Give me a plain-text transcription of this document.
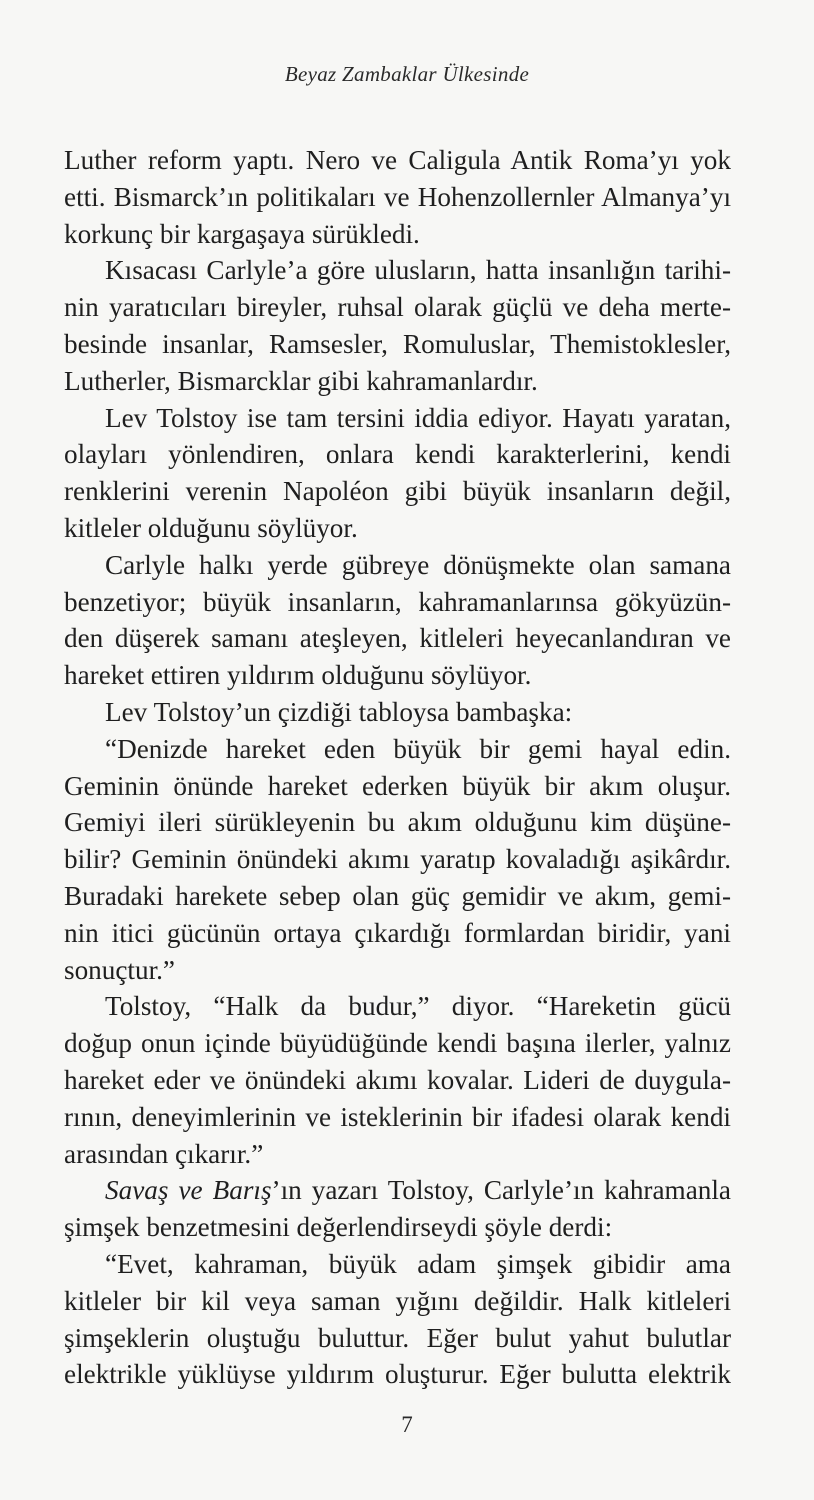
Beyaz Zambaklar Ülkesinde
Luther reform yaptı. Nero ve Caligula Antik Roma’yı yok
etti. Bismarck’ın politikaları ve Hohenzollernler Almanya’yı
korkunç bir kargaşaya sürükledi.
Kısacası Carlyle’a göre ulusların, hatta insanlığın tarihi-
nin yaratıcıları bireyler, ruhsal olarak güçlü ve deha merte-
besinde insanlar, Ramsesler, Romuluslar, Themistoklesler,
Lutherler, Bismarcklar gibi kahramanlardır.
Lev Tolstoy ise tam tersini iddia ediyor. Hayatı yaratan,
olayları yönlendiren, onlara kendi karakterlerini, kendi
renklerini verenin Napoléon gibi büyük insanların değil,
kitleler olduğunu söylüyor.
Carlyle halkı yerde gübreye dönüşmekte olan samana
benzetiyor; büyük insanların, kahramanlarınsa gökyüzün-
den düşerek samanı ateşleyen, kitleleri heyecanlandıran ve
hareket ettiren yıldırım olduğunu söylüyor.
Lev Tolstoy’un çizdiği tabloysa bambaşka:
“Denizde hareket eden büyük bir gemi hayal edin.
Geminin önünde hareket ederken büyük bir akım oluşur.
Gemiyi ileri sürükleyenin bu akım olduğunu kim düşüne-
bilir? Geminin önündeki akımı yaratıp kovaladığı aşikârdır.
Buradaki harekete sebep olan güç gemidir ve akım, gemi-
nin itici gücünün ortaya çıkardığı formlardan biridir, yani
sonuçtur.”
Tolstoy, “Halk da budur,” diyor. “Hareketin gücü
doğup onun içinde büyüdüğünde kendi başına ilerler, yalnız
hareket eder ve önündeki akımı kovalar. Lideri de duygula-
rının, deneyimlerinin ve isteklerinin bir ifadesi olarak kendi
arasından çıkarır.”
Savaş ve Barış’ın yazarı Tolstoy, Carlyle’ın kahramanla
şimşek benzetmesini değerlendirseydi şöyle derdi:
“Evet, kahraman, büyük adam şimşek gibidir ama
kitleler bir kil veya saman yığını değildir. Halk kitleleri
şimşeklerin oluştuğu buluttur. Eğer bulut yahut bulutlar
elektrikle yüklüyse yıldırım oluşturur. Eğer bulutta elektrik
7
